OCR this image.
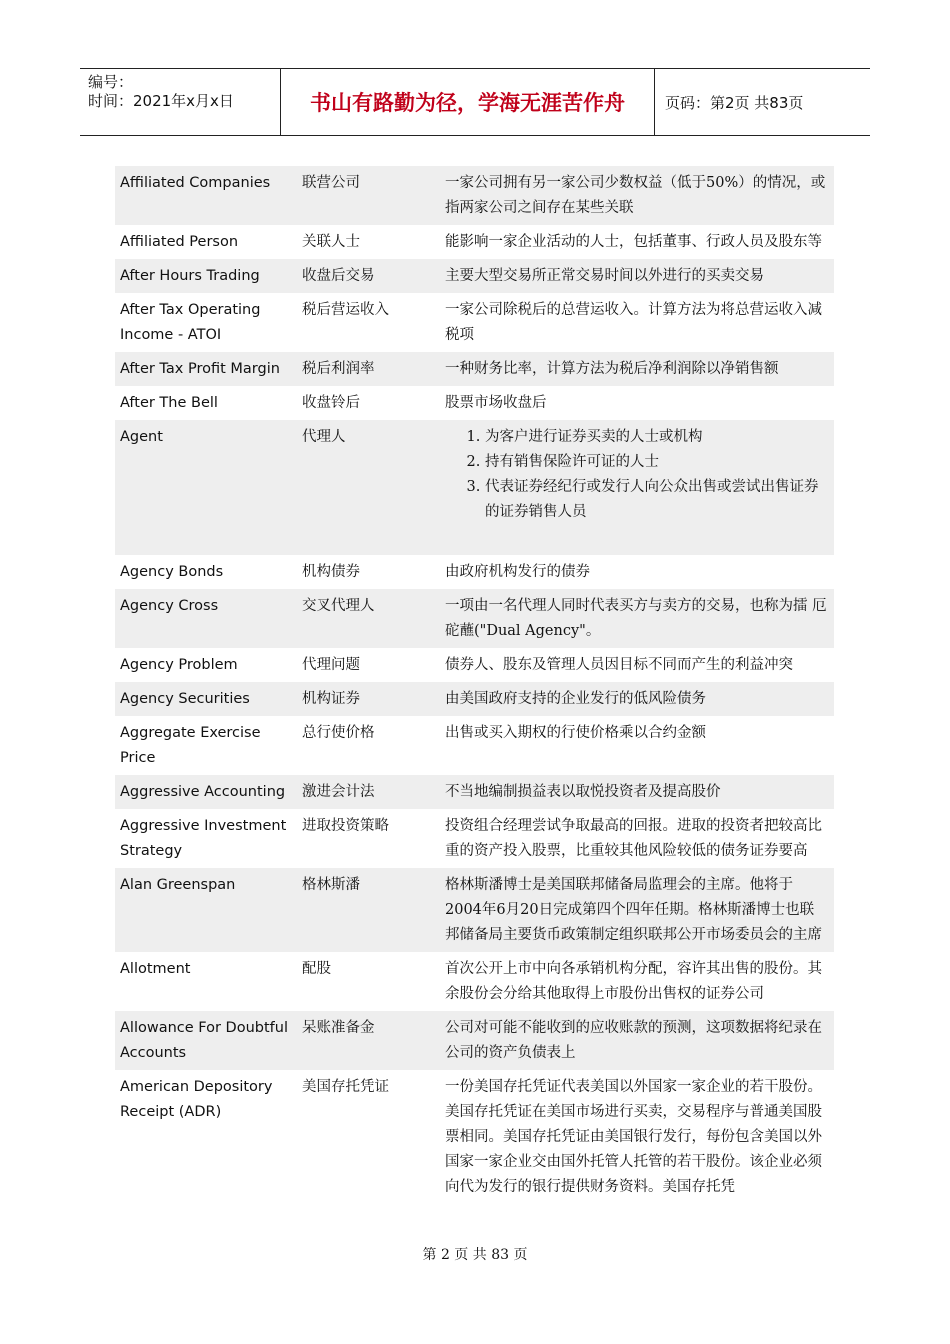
编号：
时间：2021年x月x日	书山有路勤为径，学海无涯苦作舟	页码：第2页 共83页
Affiliated Companies	联营公司	一家公司拥有另一家公司少数权益（低于50%）的情况，或指两家公司之间存在某些关联
Affiliated Person	关联人士	能影响一家企业活动的人士，包括董事、行政人员及股东等
After Hours Trading	收盘后交易	主要大型交易所正常交易时间以外进行的买卖交易
After Tax Operating Income - ATOI
税后营运收入	一家公司除税后的总营运收入。计算方法为将总营运收入减税项
After Tax Profit Margin	税后利润率	一种财务比率，计算方法为税后净利润除以净销售额
After The Bell	收盘铃后	股票市场收盘后
Agent	代理人
1.	为客户进行证券买卖的人士或机构
2. 持有销售保险许可证的人士
3. 代表证券经纪行或发行人向公众出售或尝试出售证券的证券销售人员
Agency Bonds	机构债券	由政府机构发行的债券
Agency Cross	交叉代理人	一项由一名代理人同时代表买方与卖方的交易，也称为擂 厄 砣蘸("Dual Agency"。
Agency Problem	代理问题	债券人、股东及管理人员因目标不同而产生的利益冲突
Agency Securities	机构证券	由美国政府支持的企业发行的低风险债务
Aggregate Exercise Price
总行使价格	出售或买入期权的行使价格乘以合约金额
Aggressive Accounting	激进会计法	不当地编制损益表以取悦投资者及提高股价
Aggressive Investment Strategy
进取投资策略	投资组合经理尝试争取最高的回报。进取的投资者把较高比重的资产投入股票，比重较其他风险较低的债务证券要高
Alan Greenspan	格林斯潘	格林斯潘博士是美国联邦储备局监理会的主席。他将于2004年6月20日完成第四个四年任期。格林斯潘博士也联邦储备局主要货币政策制定组织联邦公开市场委员会的主席
Allotment	配股	首次公开上市中向各承销机构分配，容许其出售的股份。其余股份会分给其他取得上市股份出售权的证券公司
Allowance For Doubtful Accounts
呆账准备金	公司对可能不能收到的应收账款的预测，这项数据将纪录在公司的资产负债表上
American Depository Receipt (ADR)
美国存托凭证	一份美国存托凭证代表美国以外国家一家企业的若干股份。美国存托凭证在美国市场进行买卖，交易程序与普通美国股票相同。美国存托凭证由美国银行发行，每份包含美国以外国家一家企业交由国外托管人托管的若干股份。该企业必须向代为发行的银行提供财务资料。美国存托凭
第 2 页 共 83 页
